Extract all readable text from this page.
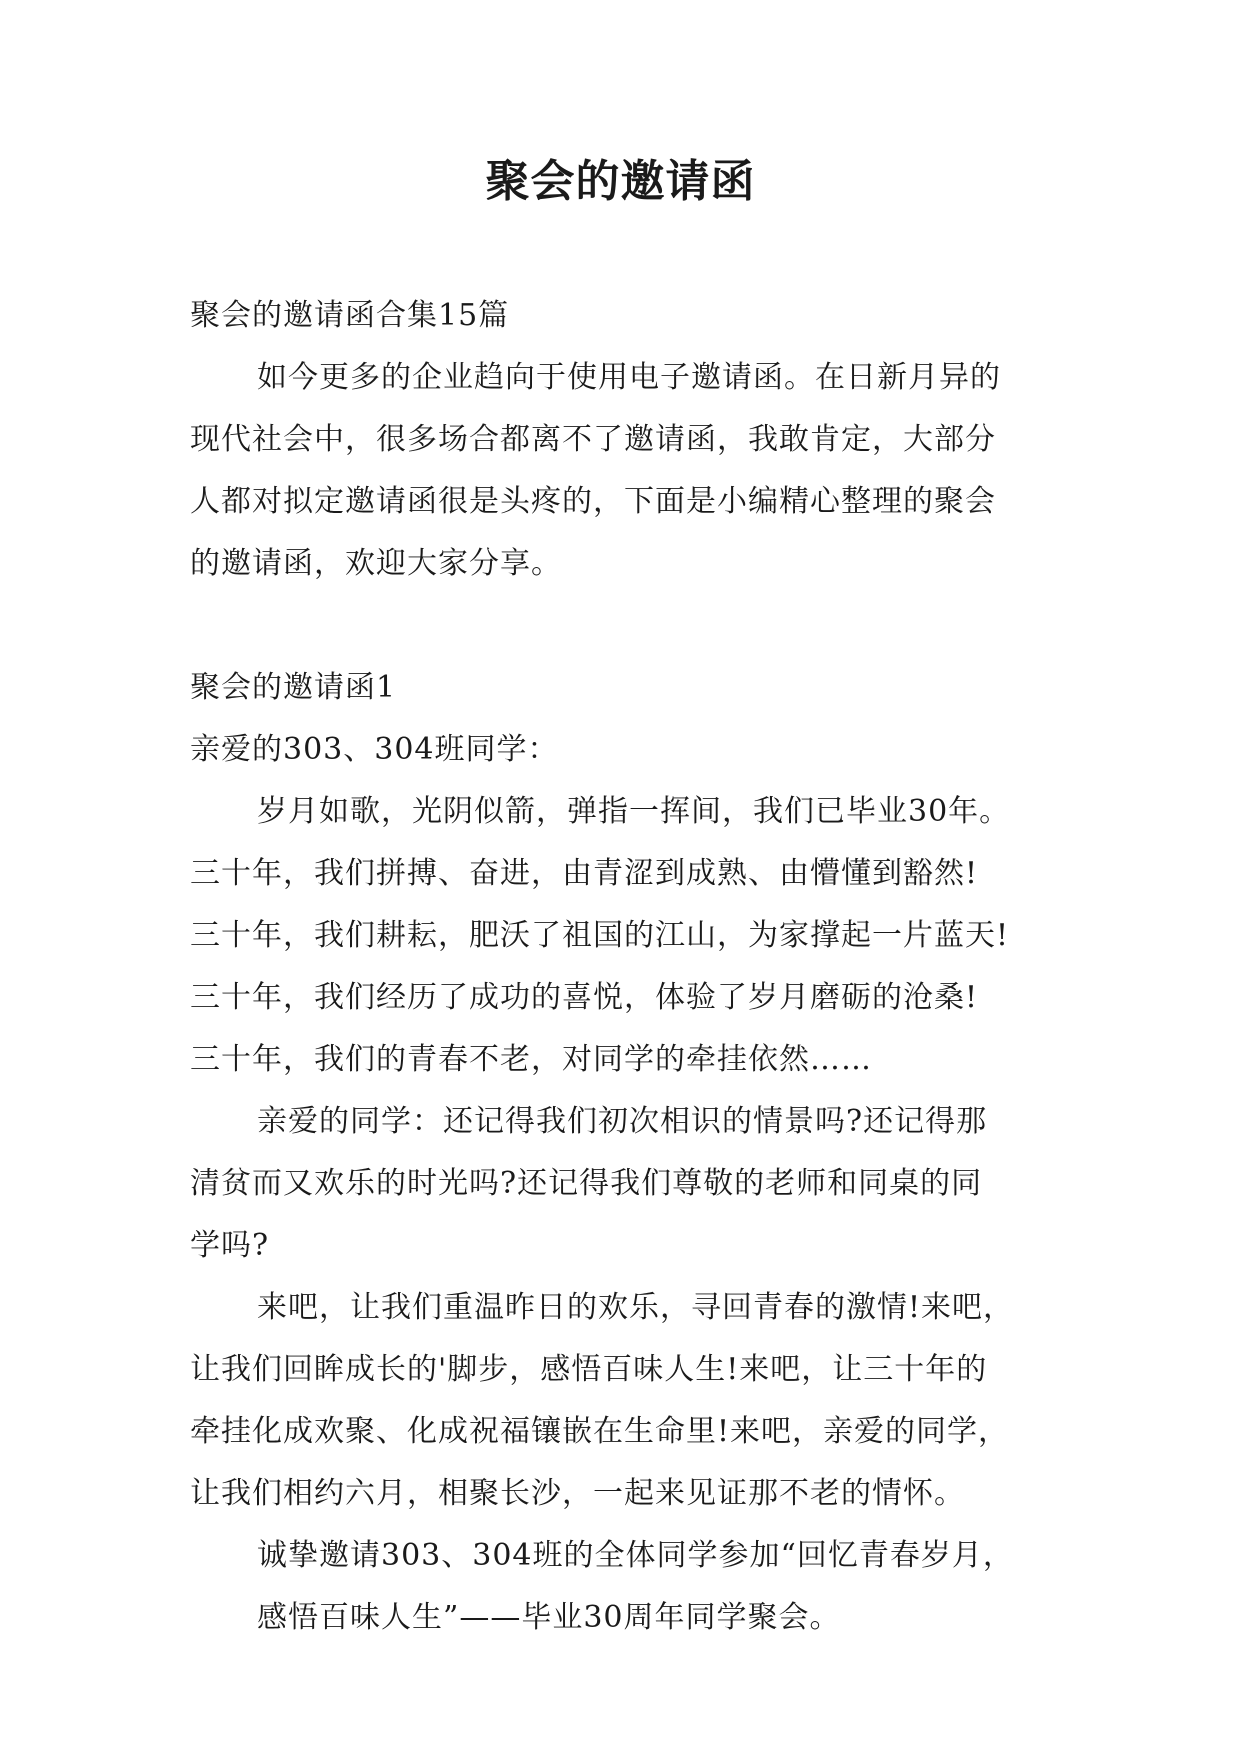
聚会的邀请函
聚会的邀请函合集15篇
如今更多的企业趋向于使用电子邀请函。在日新月异的
现代社会中，很多场合都离不了邀请函，我敢肯定，大部分
人都对拟定邀请函很是头疼的，下面是小编精心整理的聚会
的邀请函，欢迎大家分享。
聚会的邀请函1
亲爱的303、304班同学：
岁月如歌，光阴似箭，弹指一挥间，我们已毕业30年。
三十年，我们拼搏、奋进，由青涩到成熟、由懵懂到豁然!
三十年，我们耕耘，肥沃了祖国的江山，为家撑起一片蓝天!
三十年，我们经历了成功的喜悦，体验了岁月磨砺的沧桑!
三十年，我们的青春不老，对同学的牵挂依然……
亲爱的同学：还记得我们初次相识的情景吗?还记得那
清贫而又欢乐的时光吗?还记得我们尊敬的老师和同桌的同
学吗?
来吧，让我们重温昨日的欢乐，寻回青春的激情!来吧，
让我们回眸成长的'脚步，感悟百味人生!来吧，让三十年的
牵挂化成欢聚、化成祝福镶嵌在生命里!来吧，亲爱的同学，
让我们相约六月，相聚长沙，一起来见证那不老的情怀。
诚挚邀请303、304班的全体同学参加“回忆青春岁月，
感悟百味人生”——毕业30周年同学聚会。
